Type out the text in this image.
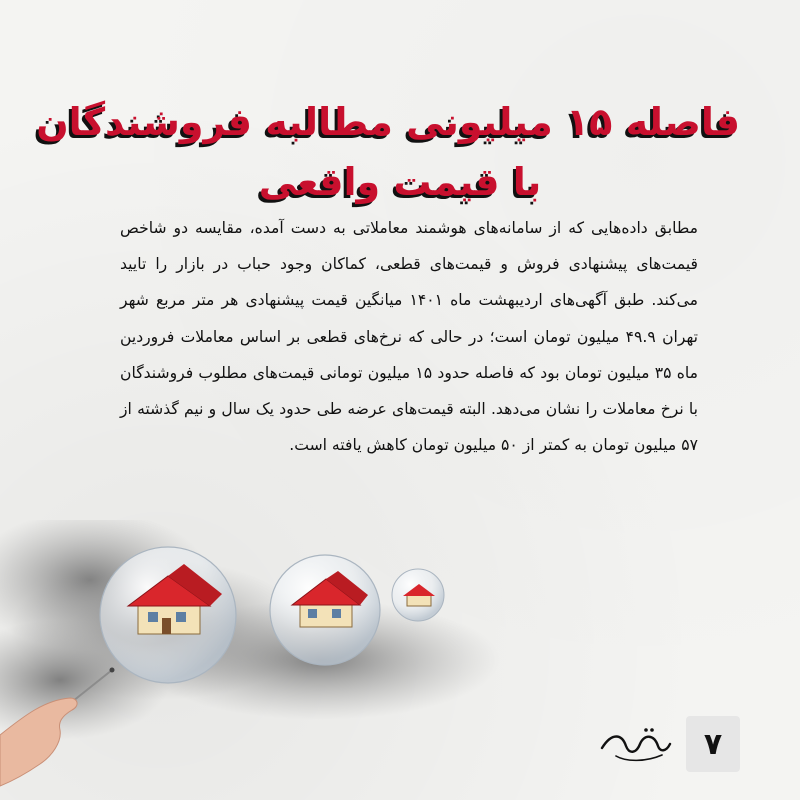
فاصله ۱۵ میلیونی مطالبه فروشندگان
با قیمت واقعی

مطابق داده‌هایی که از سامانه‌های هوشمند معاملاتی به دست آمده، مقایسه دو شاخص قیمت‌های پیشنهادی فروش و قیمت‌های قطعی، کماکان وجود حباب در بازار را تایید می‌کند. طبق آگهی‌های اردیبهشت ماه ۱۴۰۱ میانگین قیمت پیشنهادی هر متر مربع شهر تهران ۴۹.۹ میلیون تومان است؛ در حالی که نرخ‌های قطعی بر اساس معاملات فروردین ماه ۳۵ میلیون تومان بود که فاصله حدود ۱۵ میلیون تومانی قیمت‌های مطلوب فروشندگان با نرخ معاملات را نشان می‌دهد. البته قیمت‌های عرضه طی حدود یک سال و نیم گذشته از ۵۷ میلیون تومان به کمتر از ۵۰ میلیون تومان کاهش یافته است.

۷
